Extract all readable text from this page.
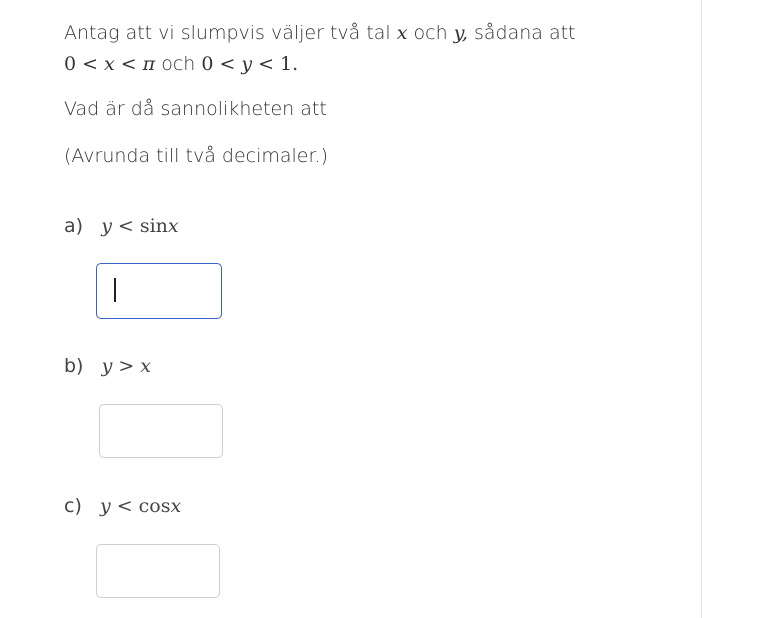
Antag att vi slumpvis väljer två tal x och y, sådana att
0 < x < π och 0 < y < 1.
Vad är då sannolikheten att
(Avrunda till två decimaler.)
a) y < sinx
b) y > x
c) y < cosx
